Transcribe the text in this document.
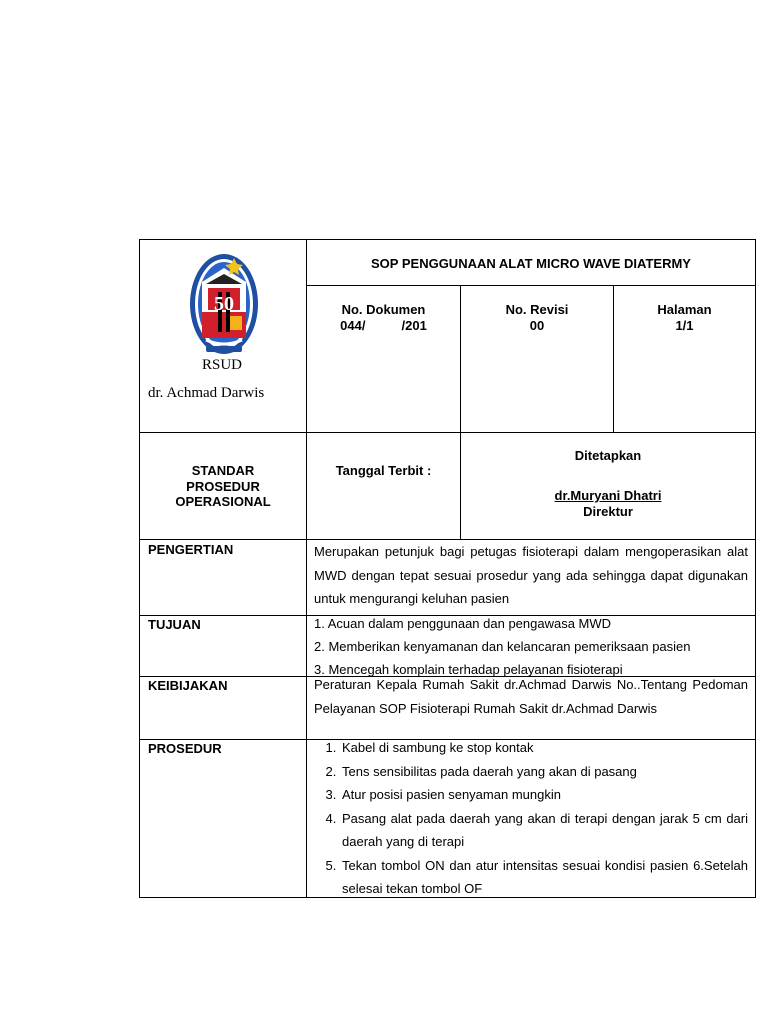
50
RSUD
dr. Achmad Darwis
SOP PENGGUNAAN ALAT MICRO WAVE DIATERMY
No. Dokumen
044/          /201
No. Revisi
00
Halaman
1/1
STANDAR
PROSEDUR
OPERASIONAL
Tanggal Terbit :
Ditetapkan
dr.Muryani Dhatri
Direktur
PENGERTIAN	Merupakan petunjuk bagi petugas fisioterapi dalam mengoperasikan alat MWD dengan tepat sesuai prosedur yang ada sehingga dapat digunakan untuk mengurangi keluhan pasien
TUJUAN	1. Acuan dalam penggunaan dan pengawasa MWD
2. Memberikan kenyamanan dan kelancaran pemeriksaan pasien
3. Mencegah komplain terhadap pelayanan fisioterapi
KEIBIJAKAN	Peraturan Kepala Rumah Sakit dr.Achmad Darwis No..Tentang Pedoman Pelayanan SOP Fisioterapi Rumah Sakit dr.Achmad Darwis
PROSEDUR
1.	Kabel di sambung ke stop kontak
2. Tens sensibilitas pada daerah yang akan di pasang
3. Atur posisi pasien senyaman mungkin
4. Pasang alat pada daerah yang akan di terapi dengan jarak 5 cm dari daerah yang di terapi
5. Tekan tombol ON dan atur intensitas sesuai kondisi pasien 6.Setelah selesai tekan tombol OF
